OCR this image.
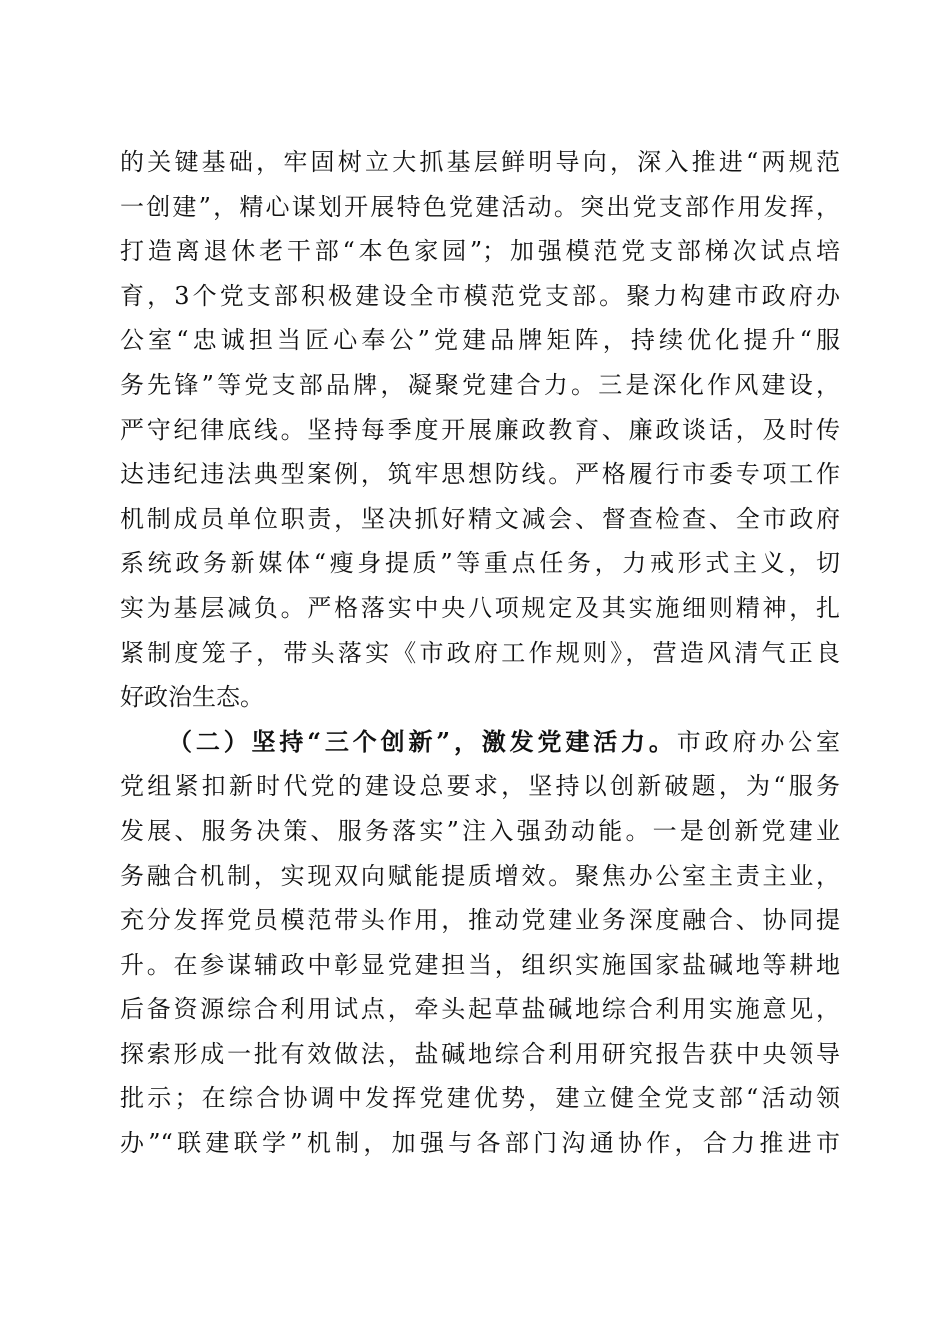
的关键基础，牢固树立大抓基层鲜明导向，深入推进“两规范
一创建”，精心谋划开展特色党建活动。突出党支部作用发挥，
打造离退休老干部“本色家园”；加强模范党支部梯次试点培
育，3个党支部积极建设全市模范党支部。聚力构建市政府办
公室“忠诚担当匠心奉公”党建品牌矩阵，持续优化提升“服
务先锋”等党支部品牌，凝聚党建合力。三是深化作风建设，
严守纪律底线。坚持每季度开展廉政教育、廉政谈话，及时传
达违纪违法典型案例，筑牢思想防线。严格履行市委专项工作
机制成员单位职责，坚决抓好精文减会、督查检查、全市政府
系统政务新媒体“瘦身提质”等重点任务，力戒形式主义，切
实为基层减负。严格落实中央八项规定及其实施细则精神，扎
紧制度笼子，带头落实《市政府工作规则》，营造风清气正良
好政治生态。
（二）坚持“三个创新”，激发党建活力。市政府办公室
党组紧扣新时代党的建设总要求，坚持以创新破题，为“服务
发展、服务决策、服务落实”注入强劲动能。一是创新党建业
务融合机制，实现双向赋能提质增效。聚焦办公室主责主业，
充分发挥党员模范带头作用，推动党建业务深度融合、协同提
升。在参谋辅政中彰显党建担当，组织实施国家盐碱地等耕地
后备资源综合利用试点，牵头起草盐碱地综合利用实施意见，
探索形成一批有效做法，盐碱地综合利用研究报告获中央领导
批示；在综合协调中发挥党建优势，建立健全党支部“活动领
办”“联建联学”机制，加强与各部门沟通协作，合力推进市
